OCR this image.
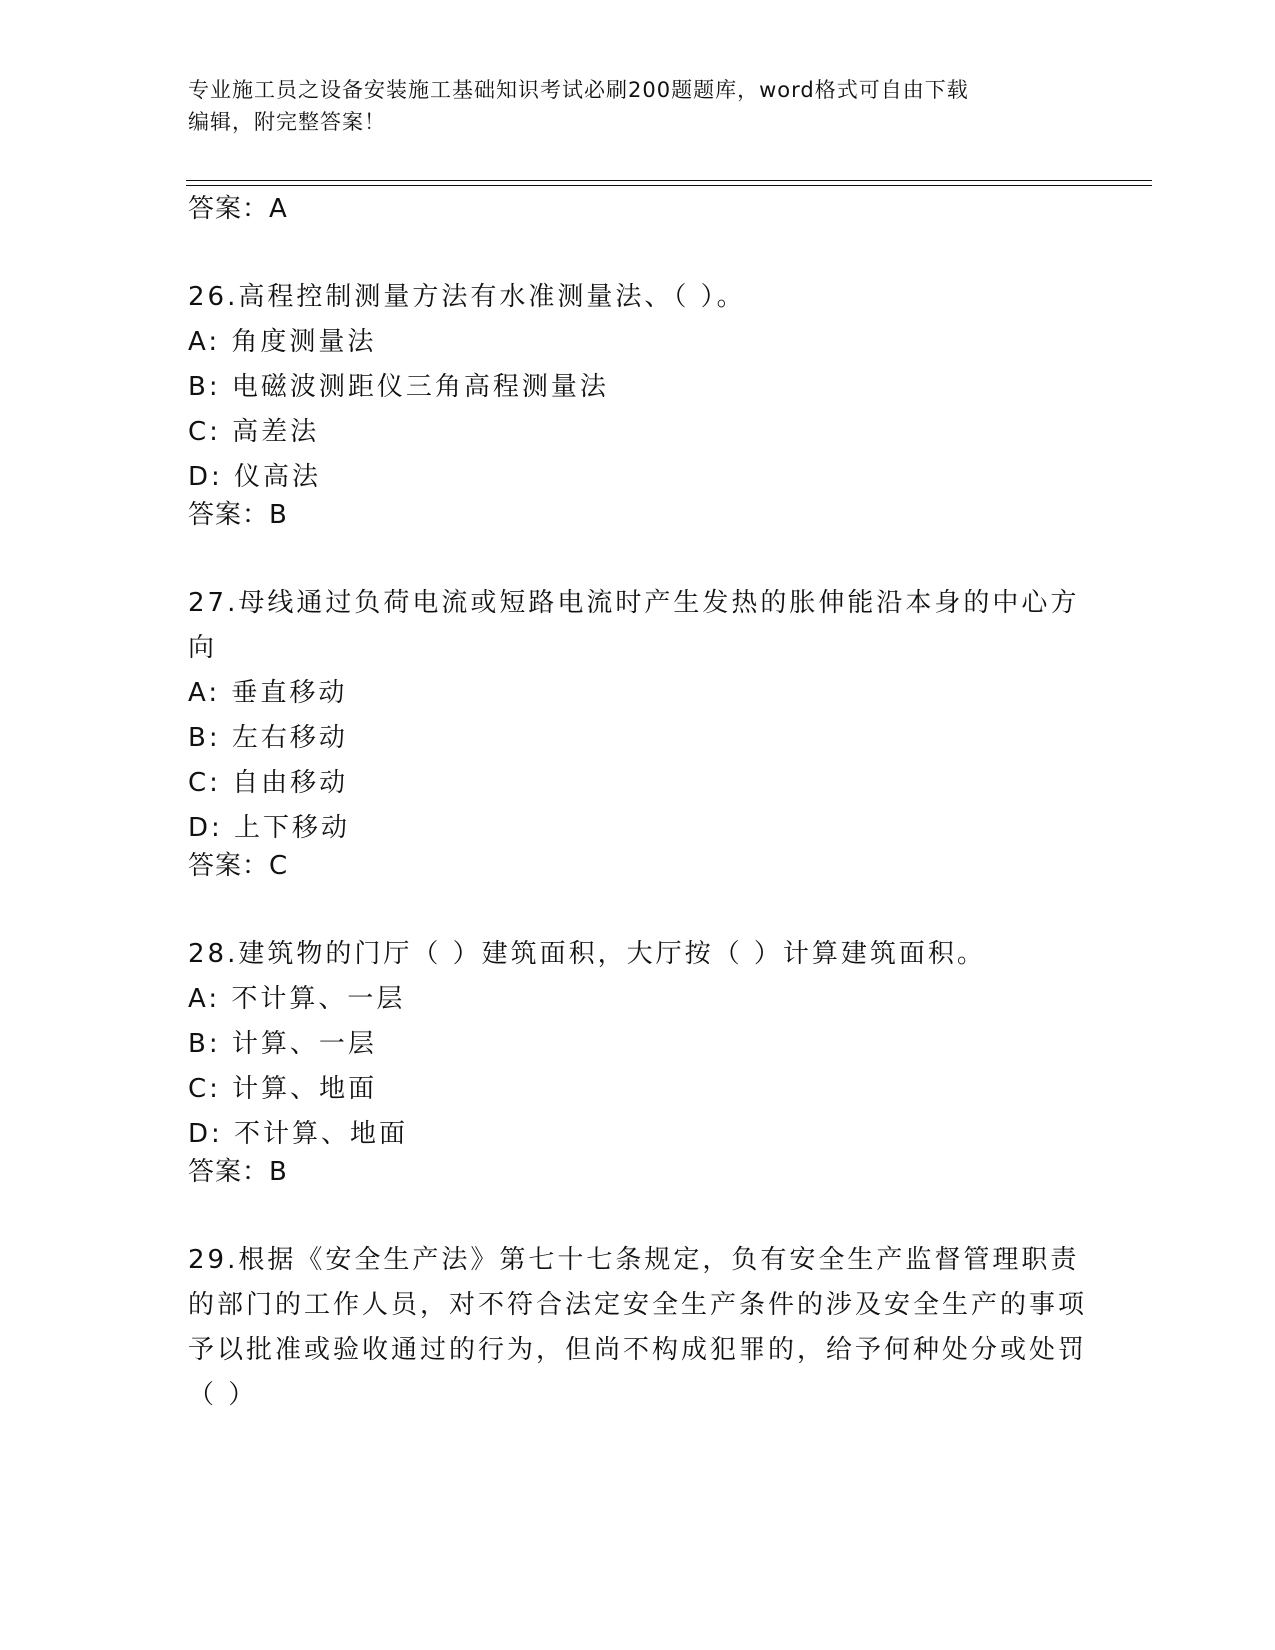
专业施工员之设备安装施工基础知识考试必刷200题题库，word格式可自由下载
编辑，附完整答案！

答案：A

26.高程控制测量方法有水准测量法、（ ）。

A: 角度测量法

B: 电磁波测距仪三角高程测量法

C: 高差法

D: 仪高法

答案：B

27.母线通过负荷电流或短路电流时产生发热的胀伸能沿本身的中心方向

A: 垂直移动

B: 左右移动

C: 自由移动

D: 上下移动

答案：C

28.建筑物的门厅（ ）建筑面积，大厅按（ ）计算建筑面积。

A: 不计算、一层

B: 计算、一层

C: 计算、地面

D: 不计算、地面

答案：B

29.根据《安全生产法》第七十七条规定，负有安全生产监督管理职责的部门的工作人员，对不符合法定安全生产条件的涉及安全生产的事项予以批准或验收通过的行为，但尚不构成犯罪的，给予何种处分或处罚（ ）
